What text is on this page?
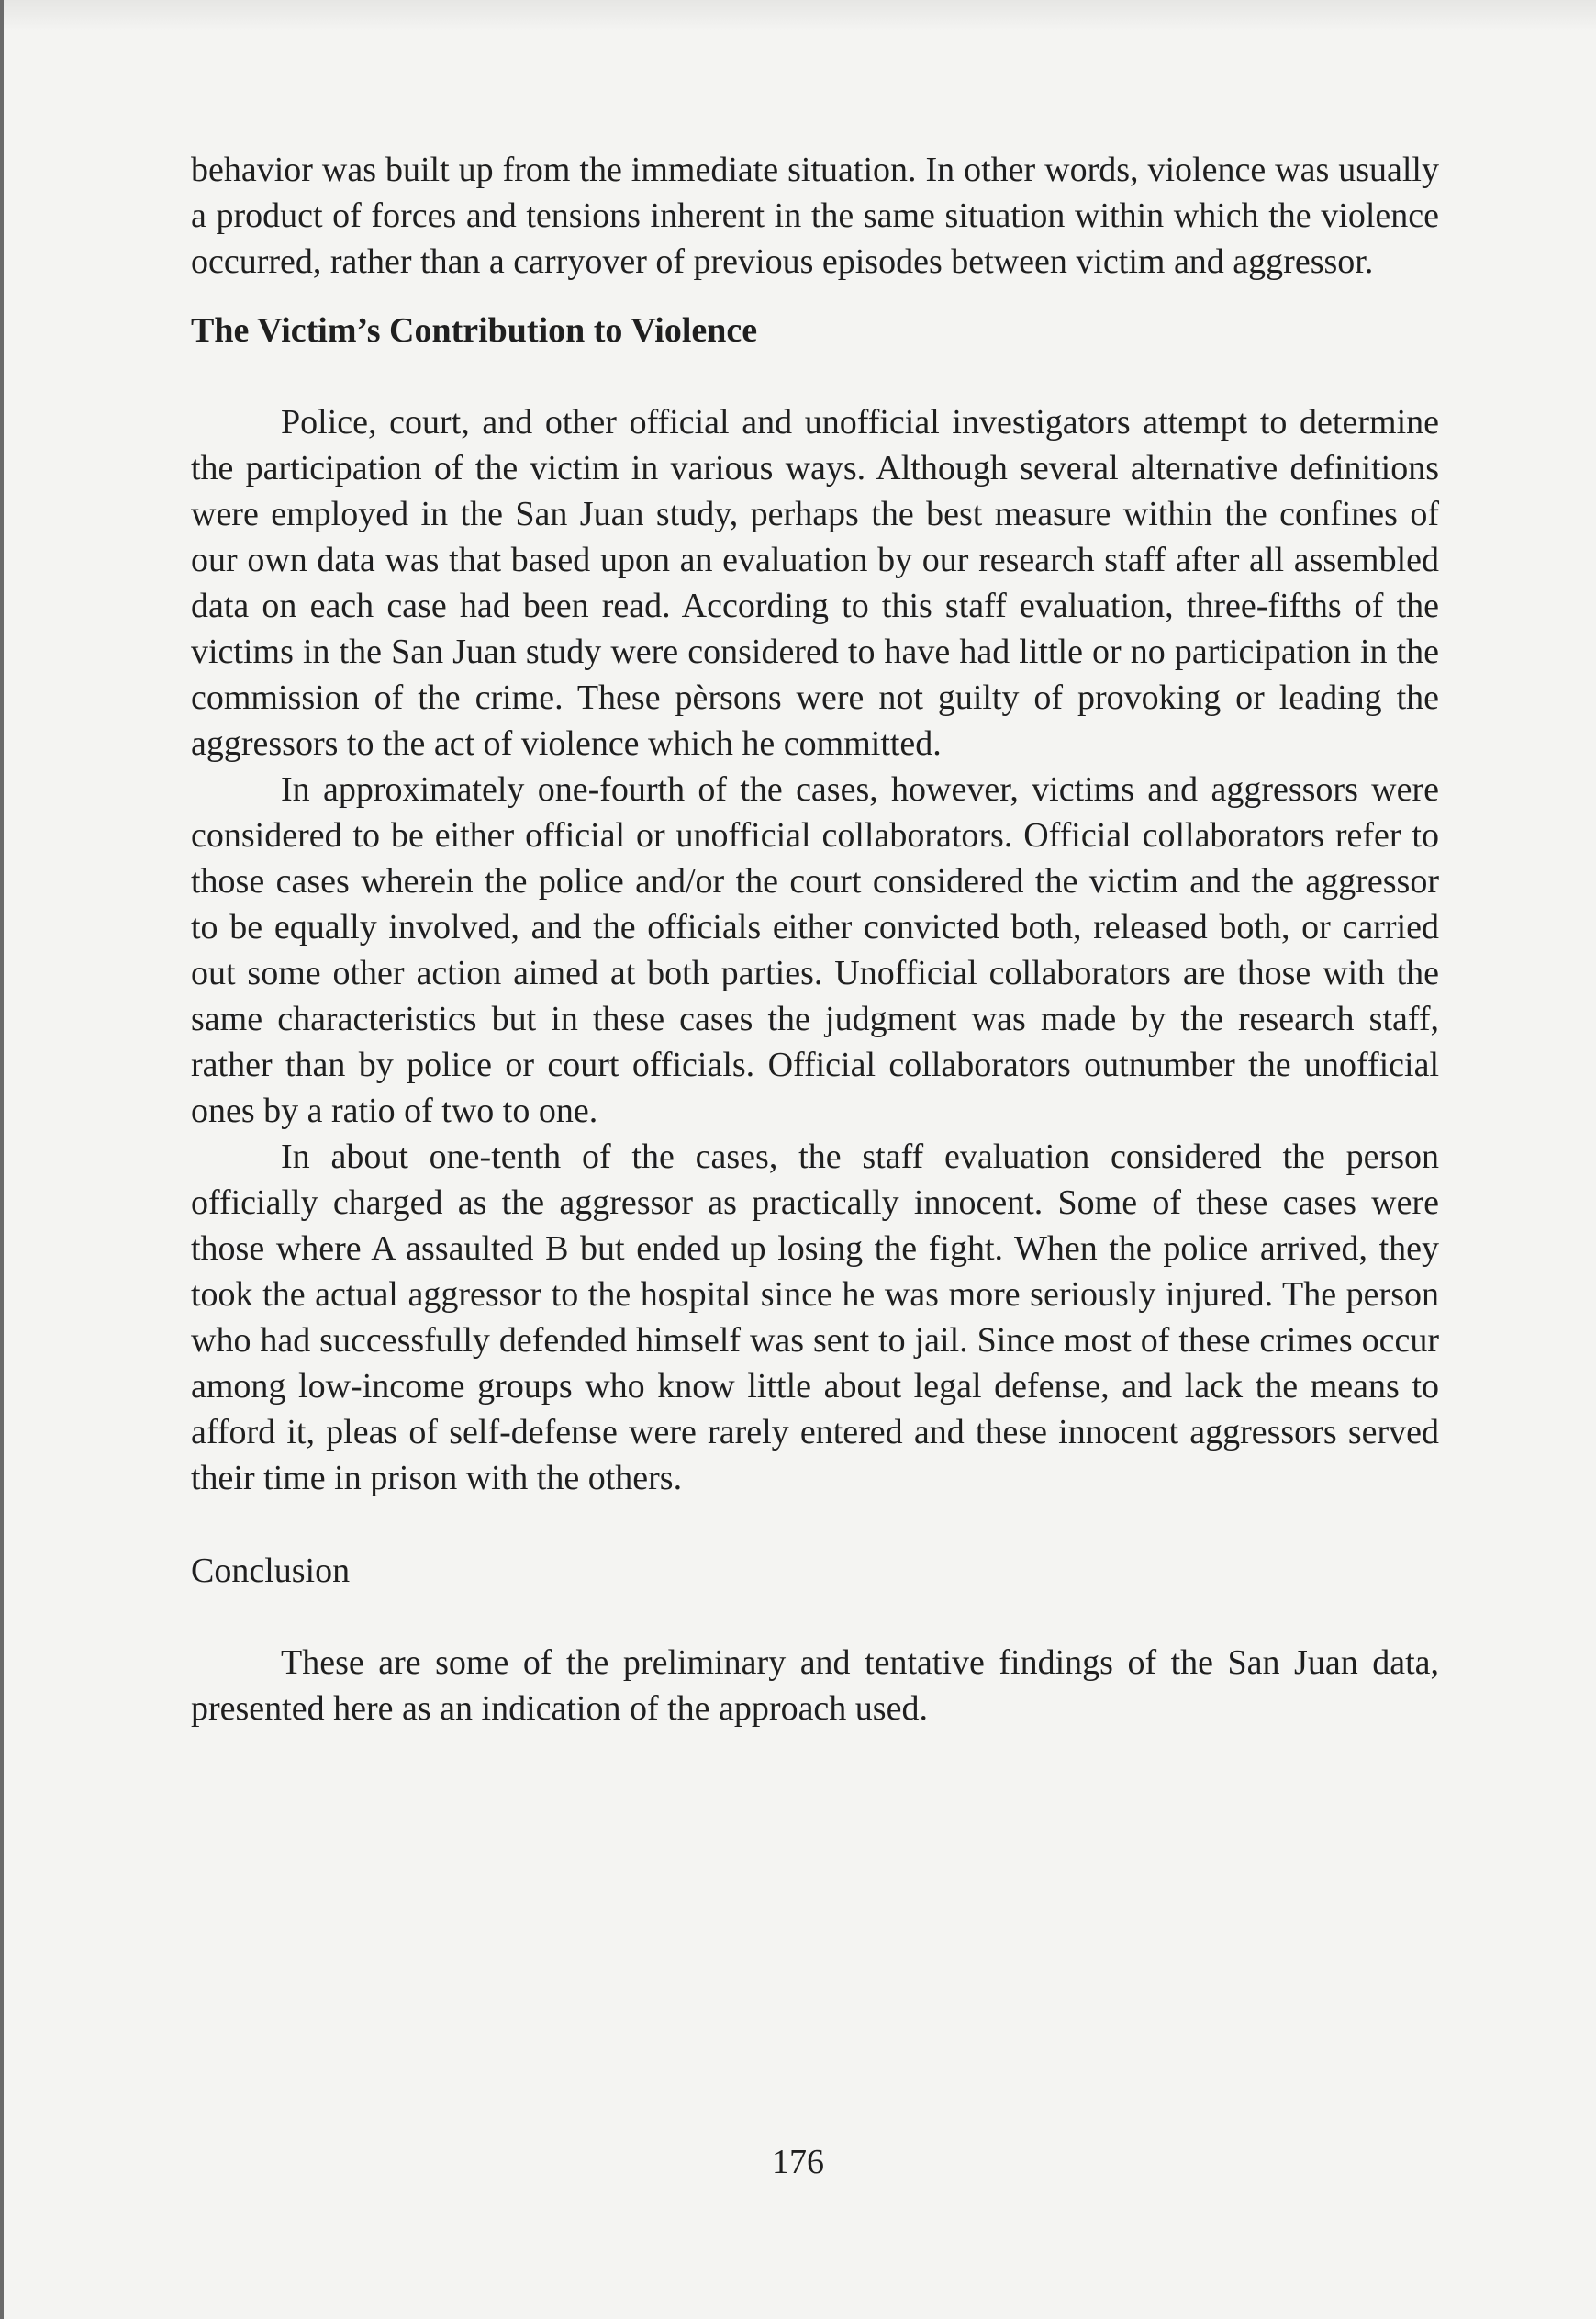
behavior was built up from the immediate situation. In other words, violence was usually a product of forces and tensions inherent in the same situation within which the violence occurred, rather than a carryover of previous episodes between victim and aggressor.

The Victim’s Contribution to Violence

Police, court, and other official and unofficial investigators attempt to determine the participation of the victim in various ways. Although several alternative definitions were employed in the San Juan study, perhaps the best measure within the confines of our own data was that based upon an evaluation by our research staff after all assembled data on each case had been read. According to this staff evaluation, three-fifths of the victims in the San Juan study were considered to have had little or no participation in the commission of the crime. These pèrsons were not guilty of provoking or leading the aggressors to the act of violence which he committed.

In approximately one-fourth of the cases, however, victims and aggressors were considered to be either official or unofficial collaborators. Official collaborators refer to those cases wherein the police and/or the court considered the victim and the aggressor to be equally involved, and the officials either convicted both, released both, or carried out some other action aimed at both parties. Unofficial collaborators are those with the same characteristics but in these cases the judgment was made by the research staff, rather than by police or court officials. Official collaborators outnumber the unofficial ones by a ratio of two to one.

In about one-tenth of the cases, the staff evaluation considered the person officially charged as the aggressor as practically innocent. Some of these cases were those where A assaulted B but ended up losing the fight. When the police arrived, they took the actual aggressor to the hospital since he was more seriously injured. The person who had successfully defended himself was sent to jail. Since most of these crimes occur among low-income groups who know little about legal defense, and lack the means to afford it, pleas of self-defense were rarely entered and these innocent aggressors served their time in prison with the others.

Conclusion

These are some of the preliminary and tentative findings of the San Juan data, presented here as an indication of the approach used.

176
